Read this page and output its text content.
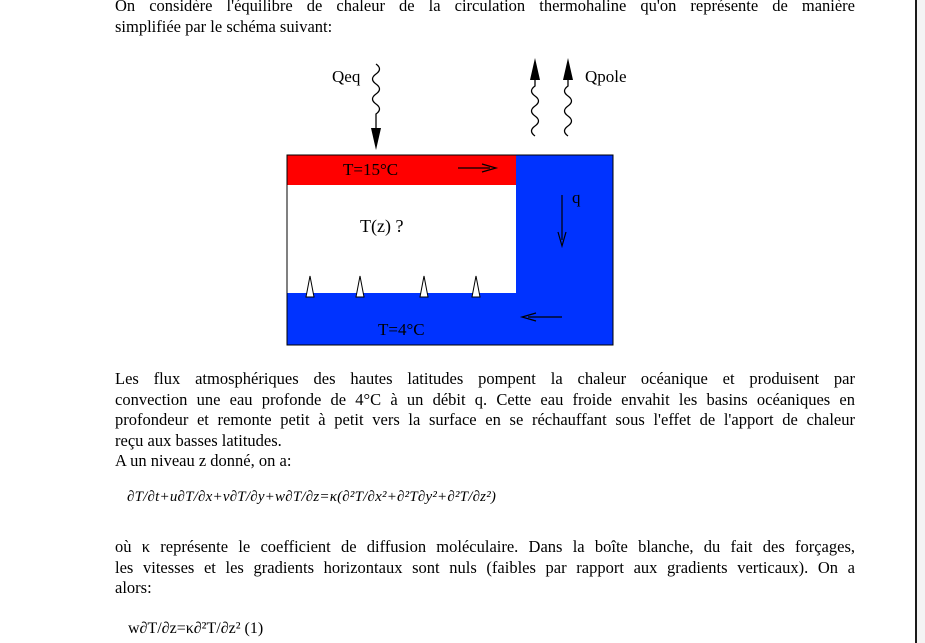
On considère l'équilibre de chaleur de la circulation thermohaline qu'on représente de manière
simplifiée par le schéma suivant:
Qeq	Qpole
T=15°C
T(z) ?
q
T=4°C
Les flux atmosphériques des hautes latitudes pompent la chaleur océanique et produisent par
convection une eau profonde de 4°C à un débit q. Cette eau froide envahit les basins océaniques en
profondeur et remonte petit à petit vers la surface en se réchauffant sous l'effet de l'apport de chaleur
reçu aux basses latitudes.
A un niveau z donné, on a:
∂T/∂t+u∂T/∂x+v∂T/∂y+w∂T/∂z=κ(∂²T/∂x²+∂²T∂y²+∂²T/∂z²)
où κ représente le coefficient de diffusion moléculaire. Dans la boîte blanche, du fait des forçages,
les vitesses et les gradients horizontaux sont nuls (faibles par rapport aux gradients verticaux). On a
alors:
w∂T/∂z=κ∂²T/∂z² (1)
